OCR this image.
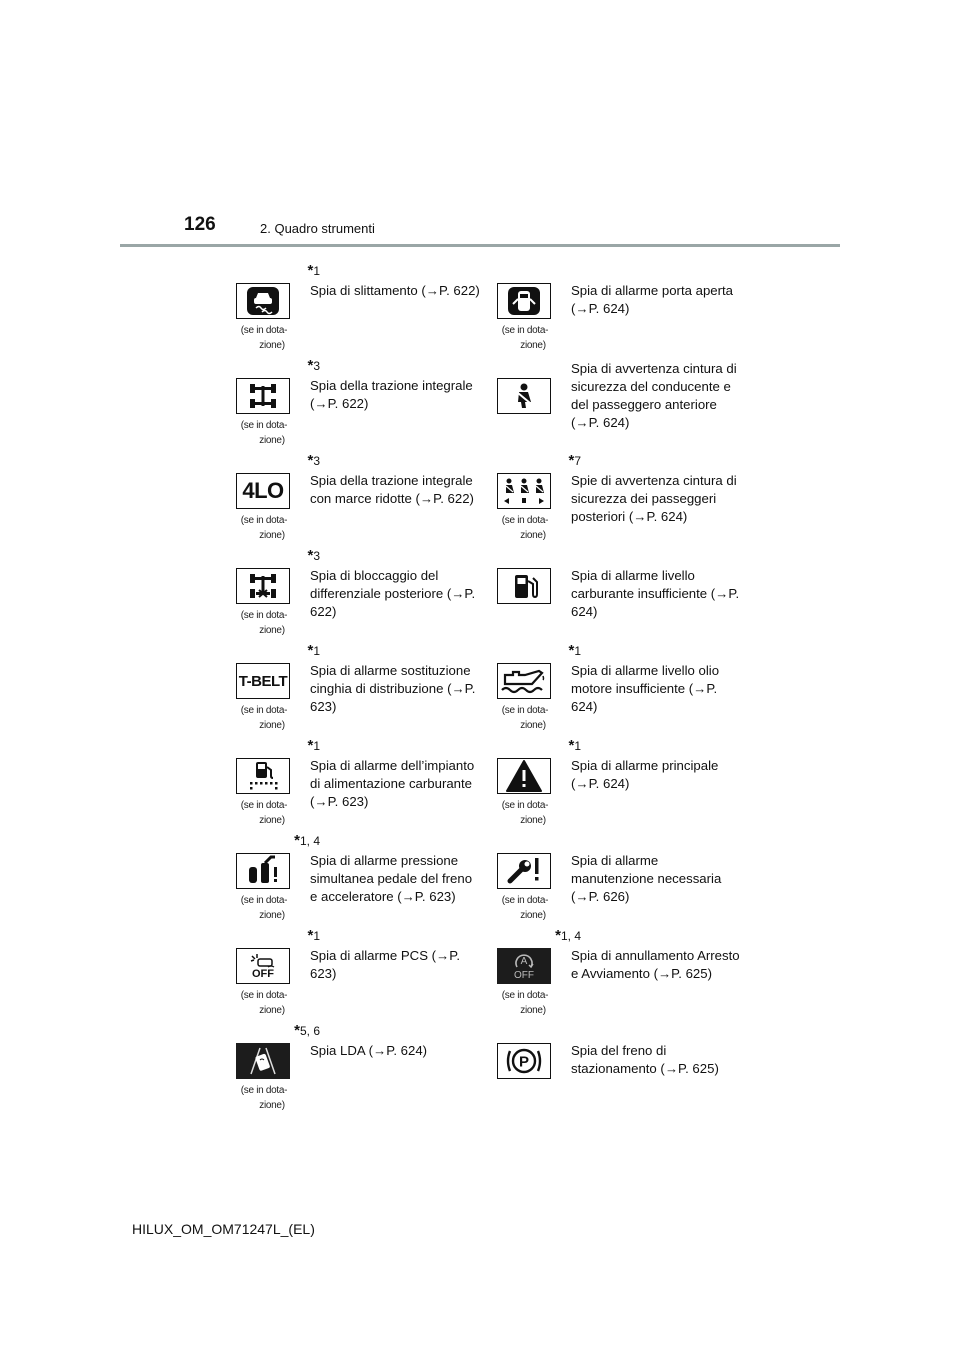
126	2. Quadro strumenti
*1
(se in dota-
zione)
Spia di slittamento (→P. 622)
(se in dota-
zione)
Spia di allarme porta aperta (→P. 624)
*3
(se in dota-
zione)
Spia della trazione integrale (→P. 622)
Spia di avvertenza cintura di sicurezza del conducente e del passeggero anteriore (→P. 624)
*3
4LO
(se in dota-
zione)
Spia della trazione integrale con marce ridotte (→P. 622)
*7
(se in dota-
zione)
Spie di avvertenza cintura di sicurezza dei passeggeri posteriori (→P. 624)
*3
(se in dota-
zione)
Spia di bloccaggio del differenziale posteriore (→P. 622)
Spia di allarme livello carburante insufficiente (→P. 624)
*1
T-BELT
(se in dota-
zione)
Spia di allarme sostituzione cinghia di distribuzione (→P. 623)
*1
(se in dota-
zione)
Spia di allarme livello olio motore insufficiente (→P. 624)
*1
(se in dota-
zione)
Spia di allarme dell’impianto di alimentazione carburante (→P. 623)
*1
(se in dota-
zione)
Spia di allarme principale (→P. 624)
*1, 4
(se in dota-
zione)
Spia di allarme pressione simultanea pedale del freno e acceleratore (→P. 623)	(se in dota-
zione)
Spia di allarme manutenzione necessaria (→P. 626)
*1
OFF
(se in dota-
zione)
Spia di allarme PCS (→P. 623)
*1, 4
A
OFF
(se in dota-
zione)
Spia di annullamento Arresto e Avviamento (→P. 625)
*5, 6
(se in dota-
zione)
Spia LDA (→P. 624)
P
Spia del freno di stazionamento (→P. 625)
HILUX_OM_OM71247L_(EL)
